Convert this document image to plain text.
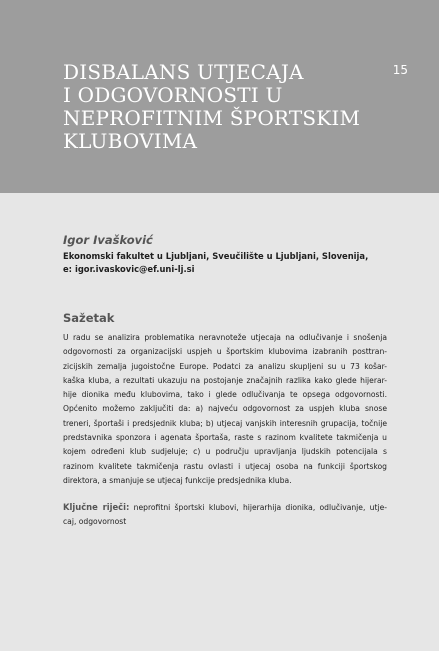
DISBALANS UTJECAJA
I ODGOVORNOSTI U
NEPROFITNIM ŠPORTSKIM
KLUBOVIMA
15
Igor Ivašković
Ekonomski fakultet u Ljubljani, Sveučilište u Ljubljani, Slovenija,
e: igor.ivaskovic@ef.uni-lj.si
Sažetak
U radu se analizira problematika neravnoteže utjecaja na odlučivanje i snošenja
odgovornosti za organizacijski uspjeh u športskim klubovima izabranih posttran-
zicijskih zemalja jugoistočne Europe. Podatci za analizu skupljeni su u 73 košar-
kaška kluba, a rezultati ukazuju na postojanje značajnih razlika kako glede hijerar-
hije dionika među klubovima, tako i glede odlučivanja te opsega odgovornosti.
Općenito možemo zaključiti da: a) najveću odgovornost za uspjeh kluba snose
treneri, športaši i predsjednik kluba; b) utjecaj vanjskih interesnih grupacija, točnije
predstavnika sponzora i agenata športaša, raste s razinom kvalitete takmičenja u
kojem određeni klub sudjeluje; c) u području upravljanja ljudskih potencijala s
razinom kvalitete takmičenja rastu ovlasti i utjecaj osoba na funkciji športskog
direktora, a smanjuje se utjecaj funkcije predsjednika kluba.
Ključne riječi: neprofitni športski klubovi, hijerarhija dionika, odlučivanje, utje-
caj, odgovornost
